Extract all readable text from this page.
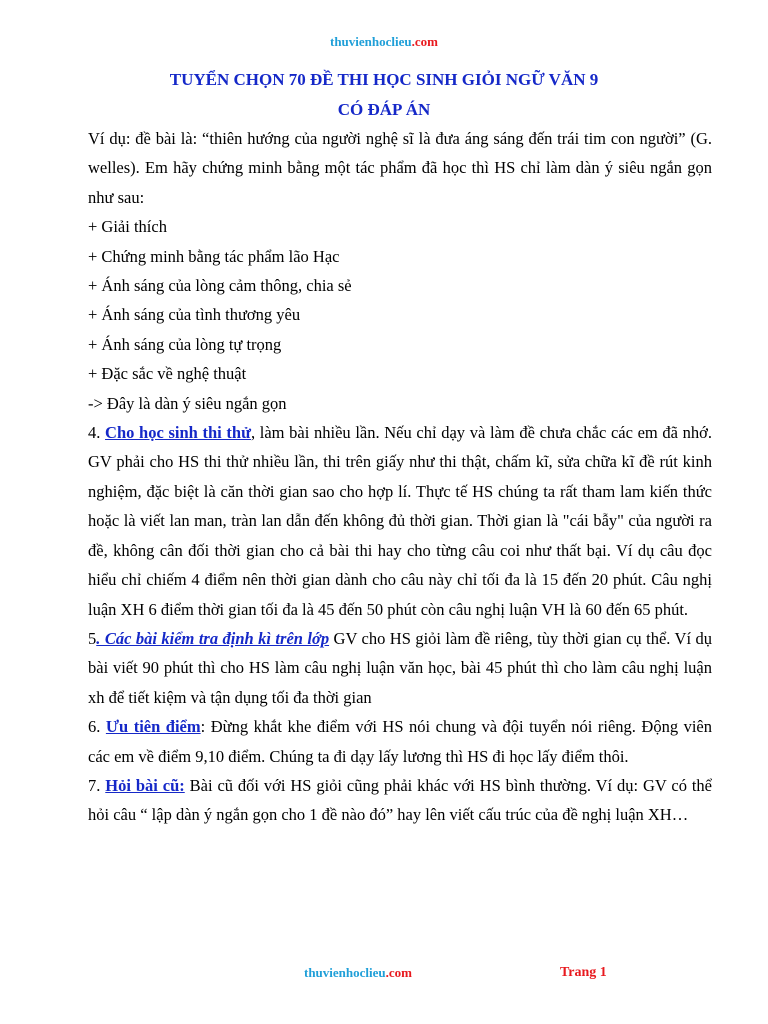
thuvienhoclieu.com
TUYỂN CHỌN 70 ĐỀ THI HỌC SINH GIỎI NGỮ VĂN 9
CÓ ĐÁP ÁN

Ví dụ: đề bài là: “thiên hướng của người nghệ sĩ là đưa áng sáng đến trái tim con người” (G. welles). Em hãy chứng minh bằng một tác phẩm đã học thì HS chỉ làm dàn ý siêu ngắn gọn như sau:

+ Giải thích

+ Chứng minh bằng tác phẩm lão Hạc

+ Ánh sáng của lòng cảm thông, chia sẻ

+ Ánh sáng của tình thương yêu

+ Ánh sáng của lòng tự trọng

+ Đặc sắc về nghệ thuật

-> Đây là dàn ý siêu ngắn gọn

4. Cho học sinh thi thử, làm bài nhiều lần. Nếu chỉ dạy và làm đề chưa chắc các em đã nhớ. GV phải cho HS thi thử nhiều lần, thi trên giấy như thi thật, chấm kĩ, sửa chữa kĩ đề rút kinh nghiệm, đặc biệt là căn thời gian sao cho hợp lí. Thực tế HS chúng ta rất tham lam kiến thức hoặc là viết lan man, tràn lan dẫn đến không đủ thời gian. Thời gian là "cái bẫy" của người ra đề, không cân đối thời gian cho cả bài thi hay cho từng câu coi như thất bại. Ví dụ câu đọc hiểu chỉ chiếm 4 điểm nên thời gian dành cho câu này chỉ tối đa là 15 đến 20 phút. Câu nghị luận XH 6 điểm thời gian tối đa là 45 đến 50 phút còn câu nghị luận VH là 60 đến 65 phút.

5. Các bài kiểm tra định kì trên lớp GV cho HS giỏi làm đề riêng, tùy thời gian cụ thể. Ví dụ bài viết 90 phút thì cho HS làm câu nghị luận văn học, bài 45 phút thì cho làm câu nghị luận xh để tiết kiệm và tận dụng tối đa thời gian

6. Ưu tiên điểm: Đừng khắt khe điểm với HS nói chung và đội tuyển nói riêng. Động viên các em về điểm 9,10 điểm. Chúng ta đi dạy lấy lương thì HS đi học lấy điểm thôi.

7. Hỏi bài cũ: Bài cũ đối với HS giỏi cũng phải khác với HS bình thường. Ví dụ: GV có thể hỏi câu “ lập dàn ý ngắn gọn cho 1 đề nào đó” hay lên viết cấu trúc của đề nghị luận XH…

thuvienhoclieu.com	Trang 1
